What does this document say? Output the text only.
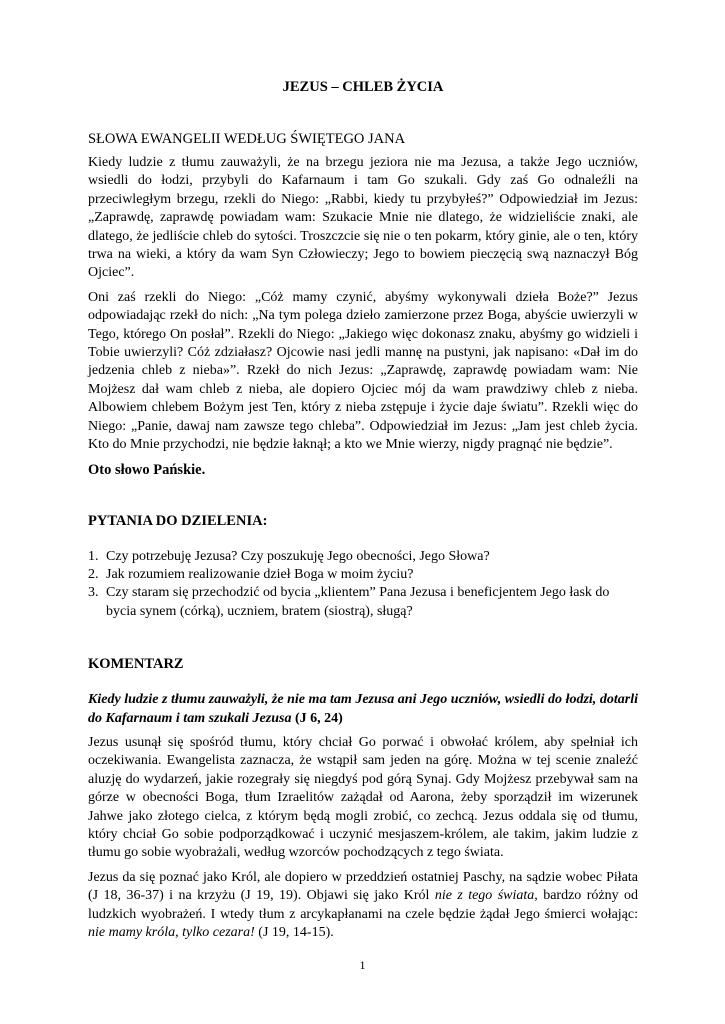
JEZUS – CHLEB ŻYCIA
SŁOWA EWANGELII WEDŁUG ŚWIĘTEGO JANA

Kiedy ludzie z tłumu zauważyli, że na brzegu jeziora nie ma Jezusa, a także Jego uczniów, wsiedli do łodzi, przybyli do Kafarnaum i tam Go szukali. Gdy zaś Go odnaleźli na przeciwległym brzegu, rzekli do Niego: „Rabbi, kiedy tu przybyłeś?” Odpowiedział im Jezus: „Zaprawdę, zaprawdę powiadam wam: Szukacie Mnie nie dlatego, że widzieliście znaki, ale dlatego, że jedliście chleb do sytości. Troszczcie się nie o ten pokarm, który ginie, ale o ten, który trwa na wieki, a który da wam Syn Człowieczy; Jego to bowiem pieczęcią swą naznaczył Bóg Ojciec”.

Oni zaś rzekli do Niego: „Cóż mamy czynić, abyśmy wykonywali dzieła Boże?” Jezus odpowiadając rzekł do nich: „Na tym polega dzieło zamierzone przez Boga, abyście uwierzyli w Tego, którego On posłał”. Rzekli do Niego: „Jakiego więc dokonasz znaku, abyśmy go widzieli i Tobie uwierzyli? Cóż zdziałasz? Ojcowie nasi jedli mannę na pustyni, jak napisano: «Dał im do jedzenia chleb z nieba»”. Rzekł do nich Jezus: „Zaprawdę, zaprawdę powiadam wam: Nie Mojżesz dał wam chleb z nieba, ale dopiero Ojciec mój da wam prawdziwy chleb z nieba. Albowiem chlebem Bożym jest Ten, który z nieba zstępuje i życie daje światu”. Rzekli więc do Niego: „Panie, dawaj nam zawsze tego chleba”. Odpowiedział im Jezus: „Jam jest chleb życia. Kto do Mnie przychodzi, nie będzie łaknął; a kto we Mnie wierzy, nigdy pragnąć nie będzie”.

Oto słowo Pańskie.
PYTANIA DO DZIELENIA:
1. Czy potrzebuję Jezusa? Czy poszukuję Jego obecności, Jego Słowa?
2. Jak rozumiem realizowanie dzieł Boga w moim życiu?
3. Czy staram się przechodzić od bycia „klientem” Pana Jezusa i beneficjentem Jego łask do bycia synem (córką), uczniem, bratem (siostrą), sługą?
KOMENTARZ

Kiedy ludzie z tłumu zauważyli, że nie ma tam Jezusa ani Jego uczniów, wsiedli do łodzi, dotarli do Kafarnaum i tam szukali Jezusa (J 6, 24)

Jezus usunął się spośród tłumu, który chciał Go porwać i obwołać królem, aby spełniał ich oczekiwania. Ewangelista zaznacza, że wstąpił sam jeden na górę. Można w tej scenie znaleźć aluzję do wydarzeń, jakie rozegrały się niegdyś pod górą Synaj. Gdy Mojżesz przebywał sam na górze w obecności Boga, tłum Izraelitów zażądał od Aarona, żeby sporządził im wizerunek Jahwe jako złotego cielca, z którym będą mogli zrobić, co zechcą. Jezus oddala się od tłumu, który chciał Go sobie podporządkować i uczynić mesjaszem-królem, ale takim, jakim ludzie z tłumu go sobie wyobrażali, według wzorców pochodzących z tego świata.

Jezus da się poznać jako Król, ale dopiero w przeddzień ostatniej Paschy, na sądzie wobec Piłata (J 18, 36-37) i na krzyżu (J 19, 19). Objawi się jako Król nie z tego świata, bardzo różny od ludzkich wyobrażeń. I wtedy tłum z arcykapłanami na czele będzie żądał Jego śmierci wołając: nie mamy króla, tylko cezara! (J 19, 14-15).

1
